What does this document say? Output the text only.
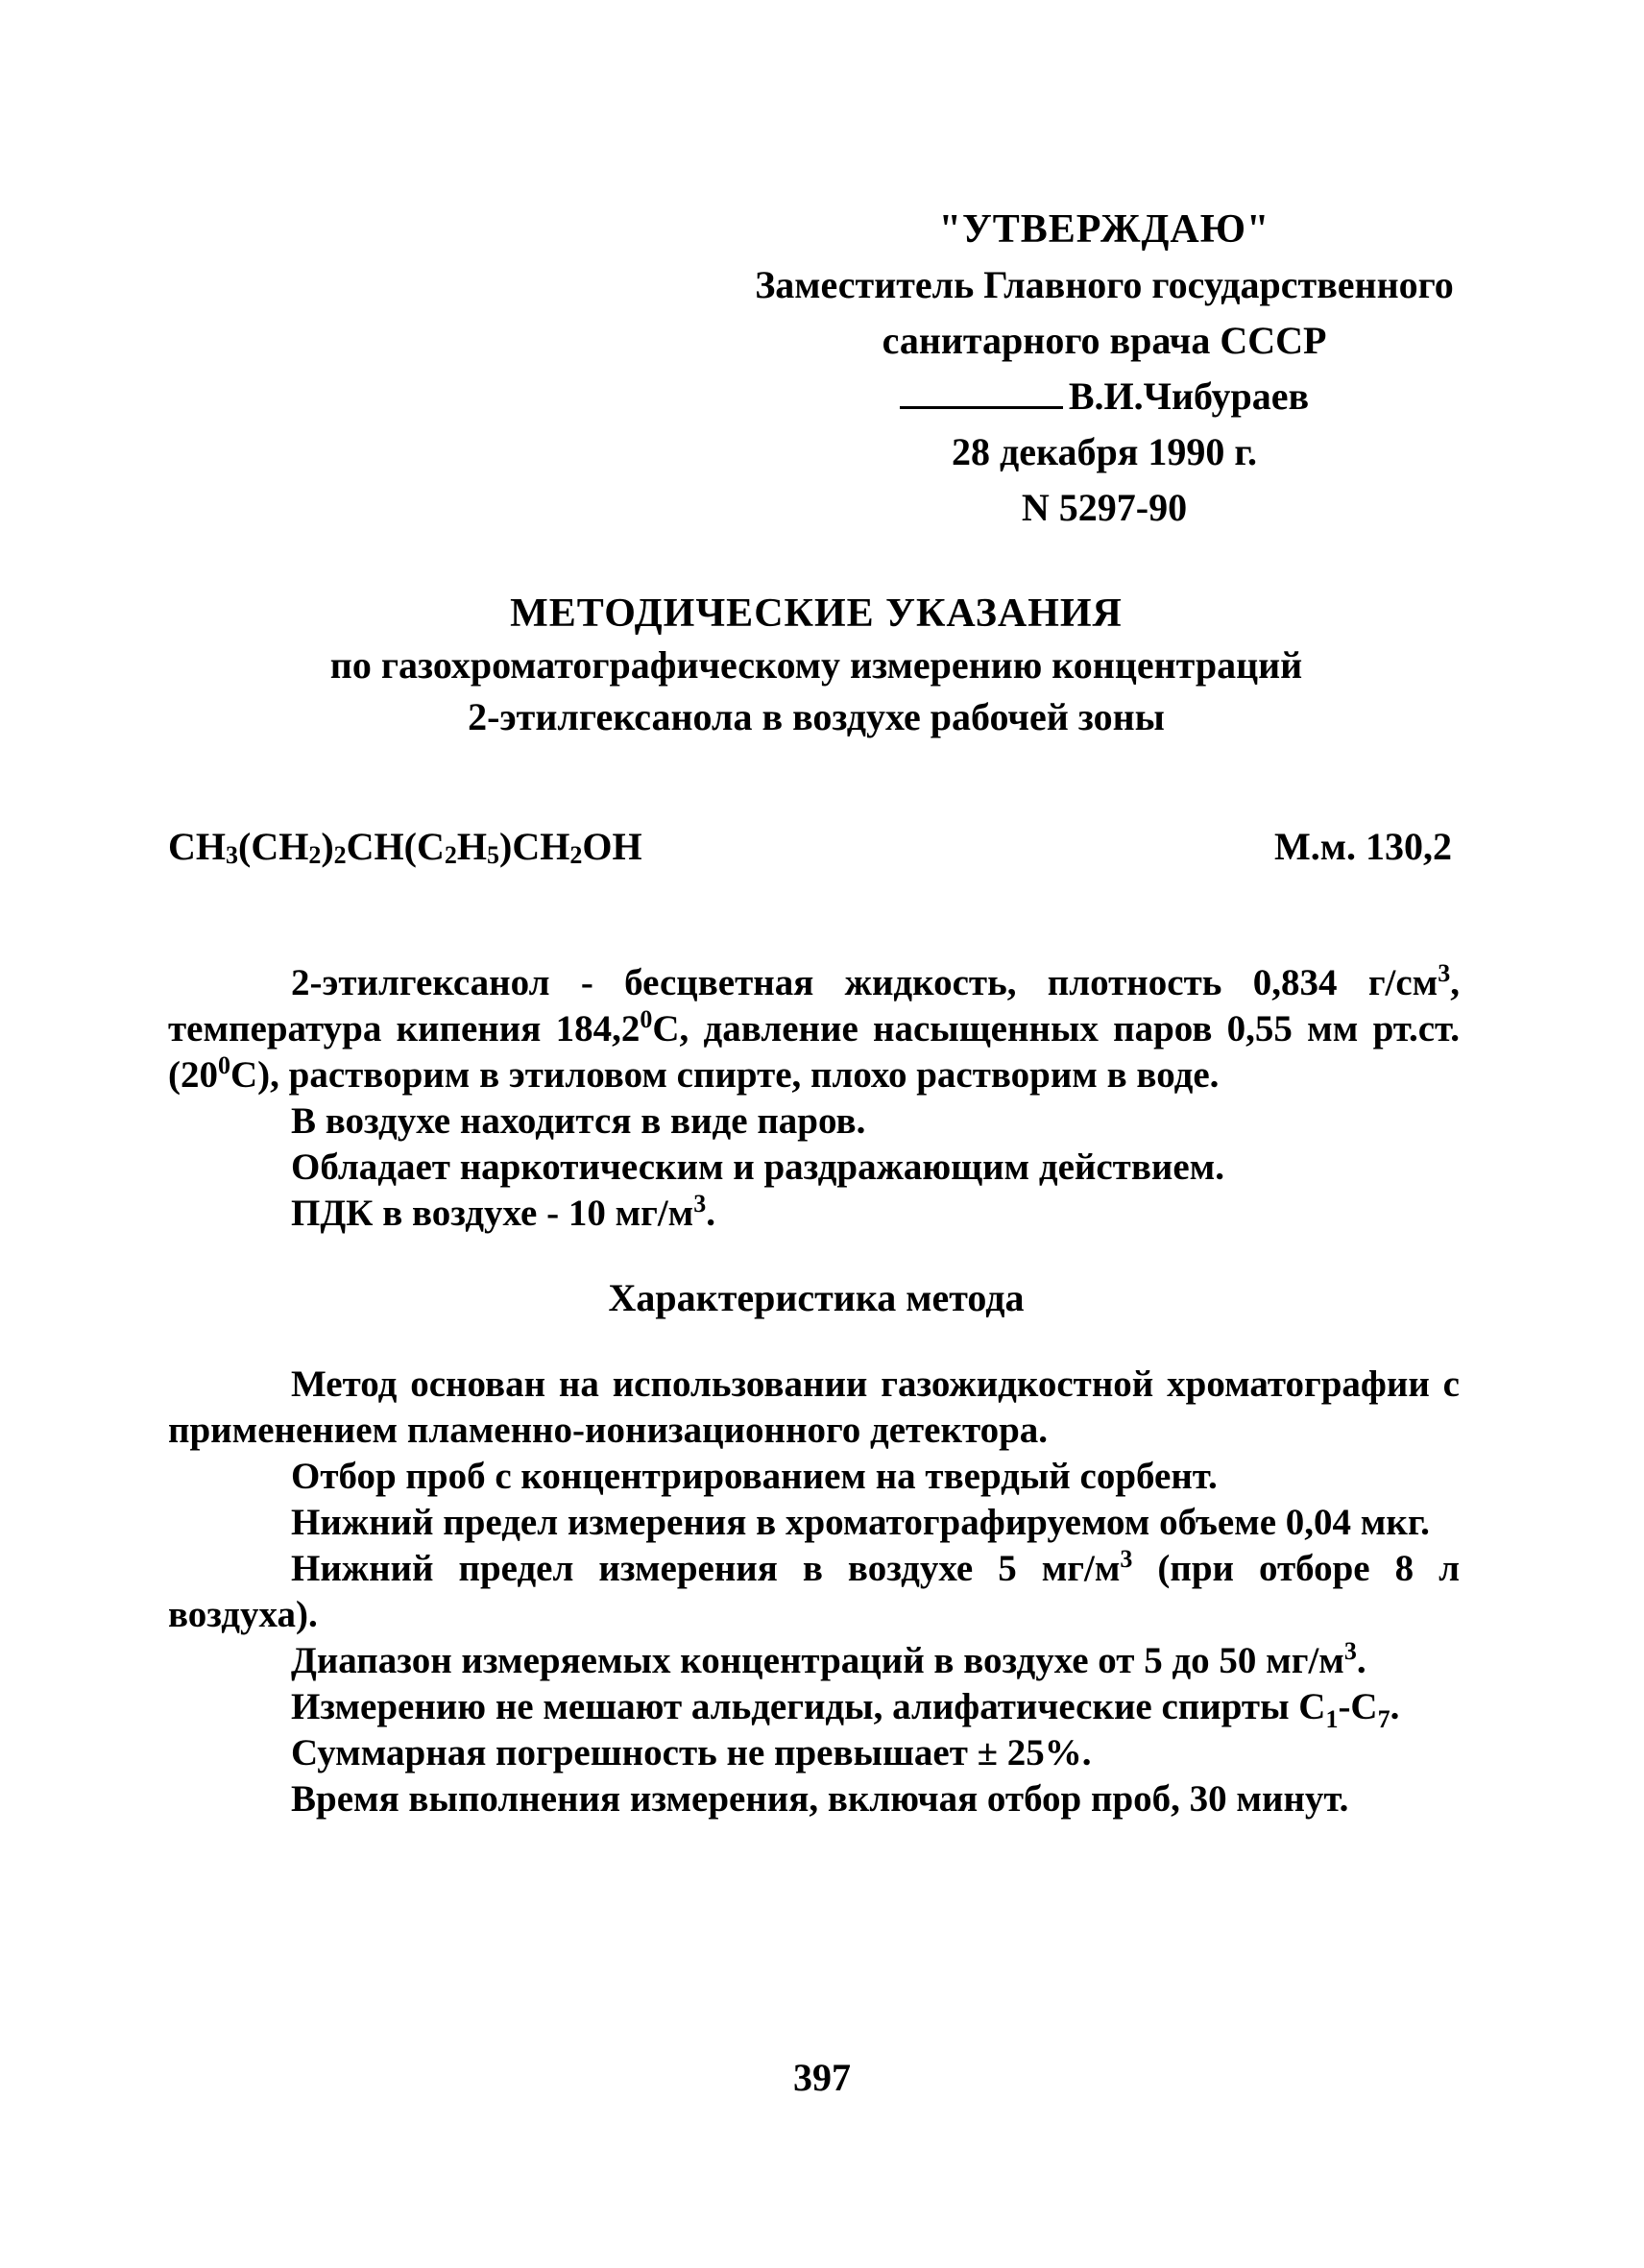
"УТВЕРЖДАЮ"
Заместитель Главного государственного
санитарного врача СССР
В.И.Чибураев
28 декабря 1990 г.
N 5297-90
МЕТОДИЧЕСКИЕ УКАЗАНИЯ
по газохроматографическому измерению концентраций
2-этилгексанола в воздухе рабочей зоны
$CH_3(CH_2)_2CH(C_2H_5)CH_2OH$	М.м. 130,2

2-этилгексанол - бесцветная жидкость, плотность 0,834 $г/см^3$, температура кипения 184,2$^0$С, давление насыщенных паров 0,55 мм рт.ст. $(20^0С)$, растворим в этиловом спирте, плохо растворим в воде.

В воздухе находится в виде паров.

Обладает наркотическим и раздражающим действием.

ПДК в воздухе - 10 $мг/м^3$.

Характеристика метода

Метод основан на использовании газожидкостной хроматографии с применением пламенно-ионизационного детектора.

Отбор проб с концентрированием на твердый сорбент.

Нижний предел измерения в хроматографируемом объеме 0,04 мкг.

Нижний предел измерения в воздухе 5 $мг/м^3$ (при отборе 8 л воздуха).

Диапазон измеряемых концентраций в воздухе от 5 до 50 $мг/м^3$.

Измерению не мешают альдегиды, алифатические спирты $С_1-С_7$.

Суммарная погрешность не превышает ± 25%.

Время выполнения измерения, включая отбор проб, 30 минут.

397
